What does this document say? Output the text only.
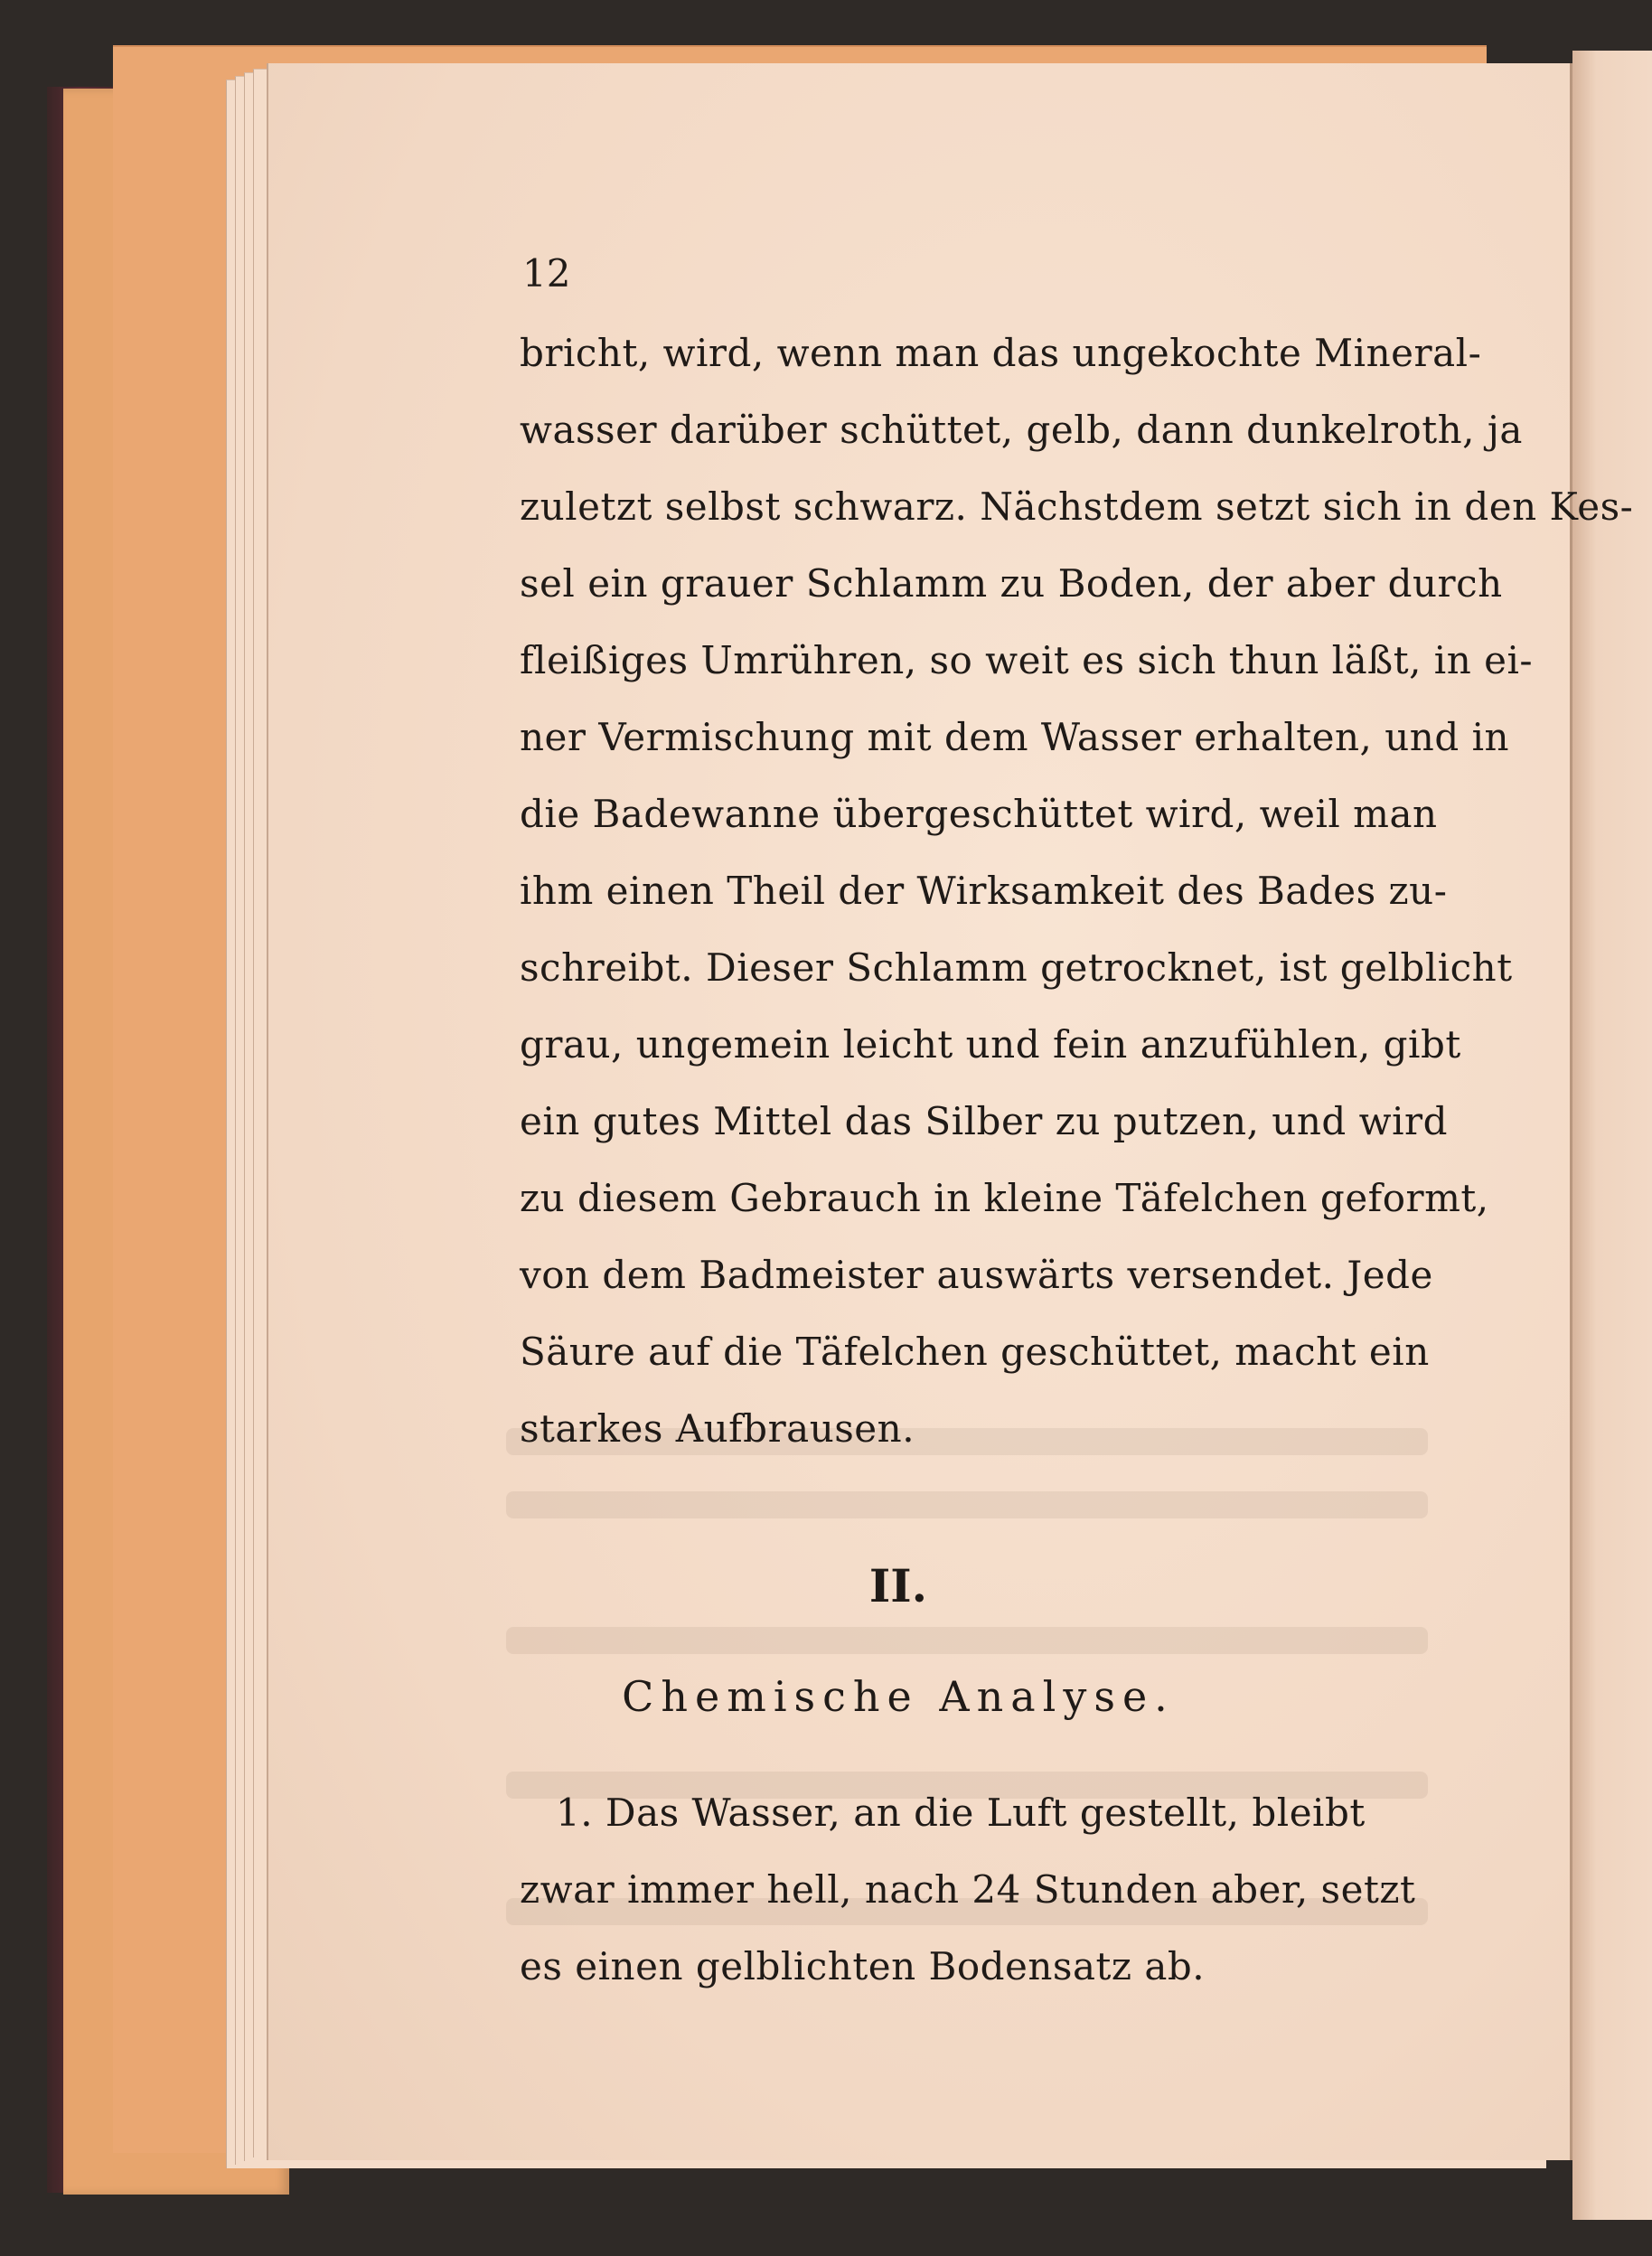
12
bricht, wird, wenn man das ungekochte Mineral-
wasser darüber schüttet, gelb, dann dunkelroth, ja
zuletzt selbst schwarz. Nächstdem setzt sich in den Kes-
sel ein grauer Schlamm zu Boden, der aber durch
fleißiges Umrühren, so weit es sich thun läßt, in ei-
ner Vermischung mit dem Wasser erhalten, und in
die Badewanne übergeschüttet wird, weil man
ihm einen Theil der Wirksamkeit des Bades zu-
schreibt. Dieser Schlamm getrocknet, ist gelblicht
grau, ungemein leicht und fein anzufühlen, gibt
ein gutes Mittel das Silber zu putzen, und wird
zu diesem Gebrauch in kleine Täfelchen geformt,
von dem Badmeister auswärts versendet. Jede
Säure auf die Täfelchen geschüttet, macht ein
starkes Aufbrausen.
II.
Chemische Analyse.
1. Das Wasser, an die Luft gestellt, bleibt
zwar immer hell, nach 24 Stunden aber, setzt
es einen gelblichten Bodensatz ab.
